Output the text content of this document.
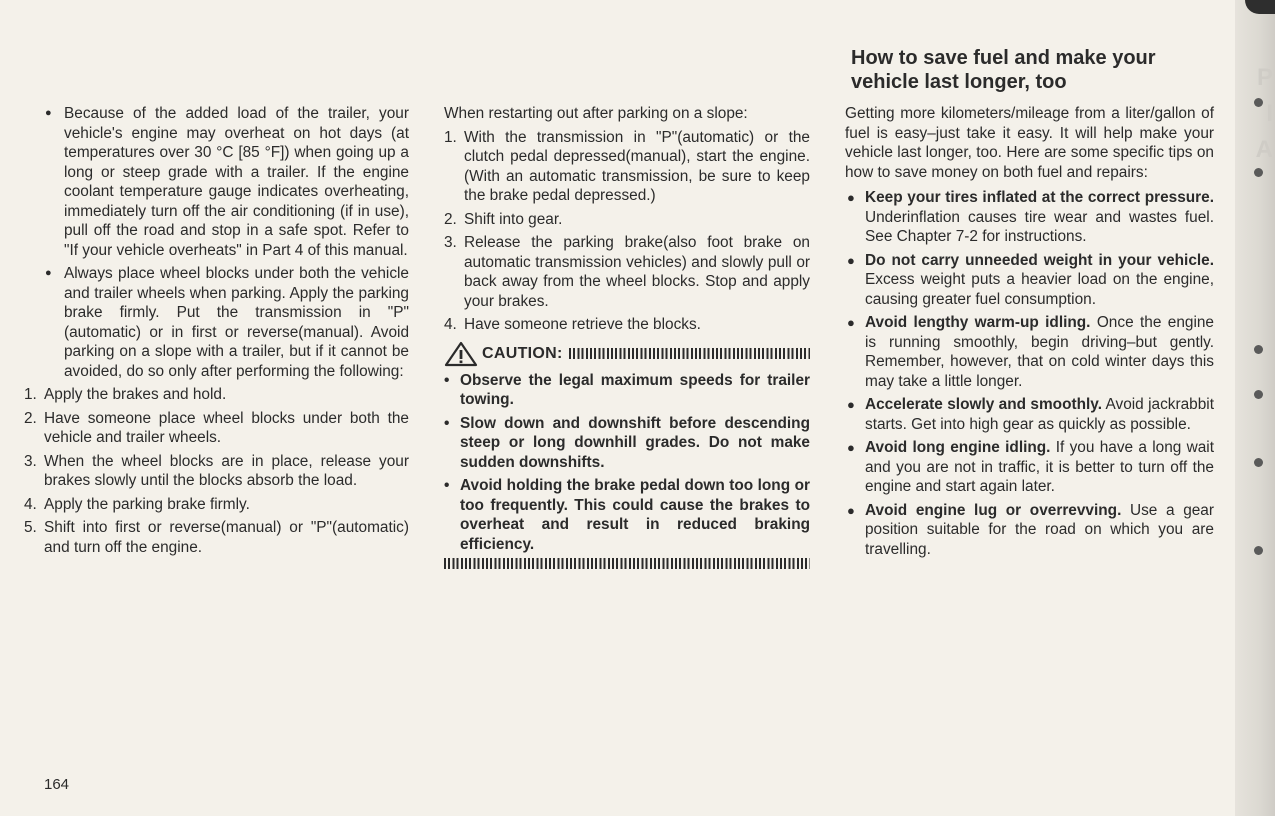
P
I
A
● Because of the added load of the trailer, your vehicle's engine may overheat on hot days (at temperatures over 30 °C [85 °F]) when going up a long or steep grade with a trailer. If the engine coolant temperature gauge indicates overheating, immediately turn off the air conditioning (if in use), pull off the road and stop in a safe spot. Refer to "If your vehicle overheats" in Part 4 of this manual.
● Always place wheel blocks under both the vehicle and trailer wheels when parking. Apply the parking brake firmly. Put the transmission in "P"(automatic) or in first or reverse(manual). Avoid parking on a slope with a trailer, but if it cannot be avoided, do so only after performing the following:
1. Apply the brakes and hold.
2. Have someone place wheel blocks under both the vehicle and trailer wheels.
3. When the wheel blocks are in place, release your brakes slowly until the blocks absorb the load.
4. Apply the parking brake firmly.
5. Shift into first or reverse(manual) or "P"(automatic) and turn off the engine.

When restarting out after parking on a slope:

1. With the transmission in "P"(automatic) or the clutch pedal depressed(manual), start the engine. (With an automatic transmission, be sure to keep the brake pedal depressed.)
2. Shift into gear.
3. Release the parking brake(also foot brake on automatic transmission vehicles) and slowly pull or back away from the wheel blocks. Stop and apply your brakes.
4. Have someone retrieve the blocks.
CAUTION:
• Observe the legal maximum speeds for trailer towing.
• Slow down and downshift before descending steep or long downhill grades. Do not make sudden downshifts.
• Avoid holding the brake pedal down too long or too frequently. This could cause the brakes to overheat and result in reduced braking efficiency.
How to save fuel and make your vehicle last longer, too

Getting more kilometers/mileage from a liter/gallon of fuel is easy–just take it easy. It will help make your vehicle last longer, too. Here are some specific tips on how to save money on both fuel and repairs:

● Keep your tires inflated at the correct pressure. Underinflation causes tire wear and wastes fuel. See Chapter 7-2 for instructions.
● Do not carry unneeded weight in your vehicle. Excess weight puts a heavier load on the engine, causing greater fuel consumption.
● Avoid lengthy warm-up idling. Once the engine is running smoothly, begin driving–but gently. Remember, however, that on cold winter days this may take a little longer.
● Accelerate slowly and smoothly. Avoid jackrabbit starts. Get into high gear as quickly as possible.
● Avoid long engine idling. If you have a long wait and you are not in traffic, it is better to turn off the engine and start again later.
● Avoid engine lug or overrevving. Use a gear position suitable for the road on which you are travelling.
164
